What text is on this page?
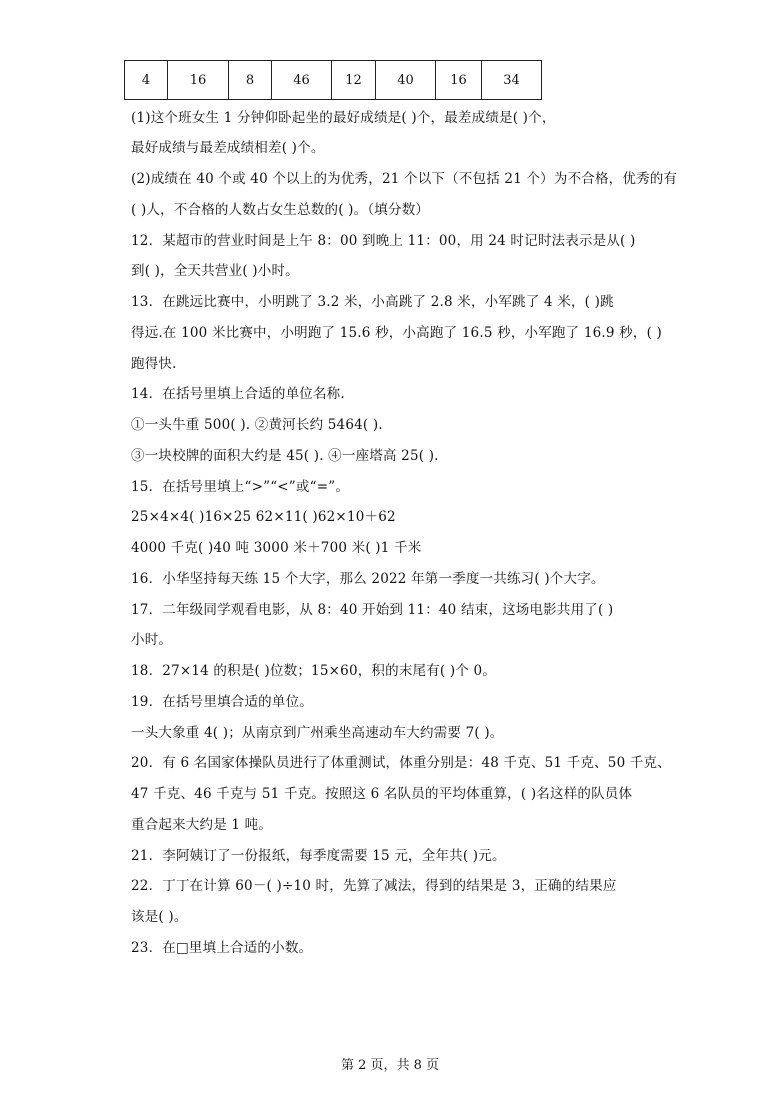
4	16	8	46	12	40	16	34
(1)这个班女生 1 分钟仰卧起坐的最好成绩是( )个，最差成绩是( )个，
最好成绩与最差成绩相差( )个。
(2)成绩在 40 个或 40 个以上的为优秀，21 个以下（不包括 21 个）为不合格，优秀的有
( )人，不合格的人数占女生总数的( )。（填分数）
12．某超市的营业时间是上午 8：00 到晚上 11：00，用 24 时记时法表示是从( )
到( )，全天共营业( )小时。
13．在跳远比赛中，小明跳了 3.2 米，小高跳了 2.8 米，小军跳了 4 米，( )跳
得远.在 100 米比赛中，小明跑了 15.6 秒，小高跑了 16.5 秒，小军跑了 16.9 秒，( )
跑得快.
14．在括号里填上合适的单位名称.
①一头牛重 500( ). ②黄河长约 5464( ).
③一块校牌的面积大约是 45( ). ④一座塔高 25( ).
15．在括号里填上“>”“<”或“=”。
25×4×4( )16×25 62×11( )62×10＋62
4000 千克( )40 吨 3000 米＋700 米( )1 千米
16．小华坚持每天练 15 个大字，那么 2022 年第一季度一共练习( )个大字。
17．二年级同学观看电影，从 8：40 开始到 11：40 结束，这场电影共用了( )
小时。
18．27×14 的积是( )位数；15×60，积的末尾有( )个 0。
19．在括号里填合适的单位。
一头大象重 4( )；从南京到广州乘坐高速动车大约需要 7( )。
20．有 6 名国家体操队员进行了体重测试，体重分别是：48 千克、51 千克、50 千克、
47 千克、46 千克与 51 千克。按照这 6 名队员的平均体重算，( )名这样的队员体
重合起来大约是 1 吨。
21．李阿姨订了一份报纸，每季度需要 15 元，全年共( )元。
22．丁丁在计算 60－( )÷10 时，先算了减法，得到的结果是 3，正确的结果应
该是( )。
23．在□里填上合适的小数。
第 2 页，共 8 页
